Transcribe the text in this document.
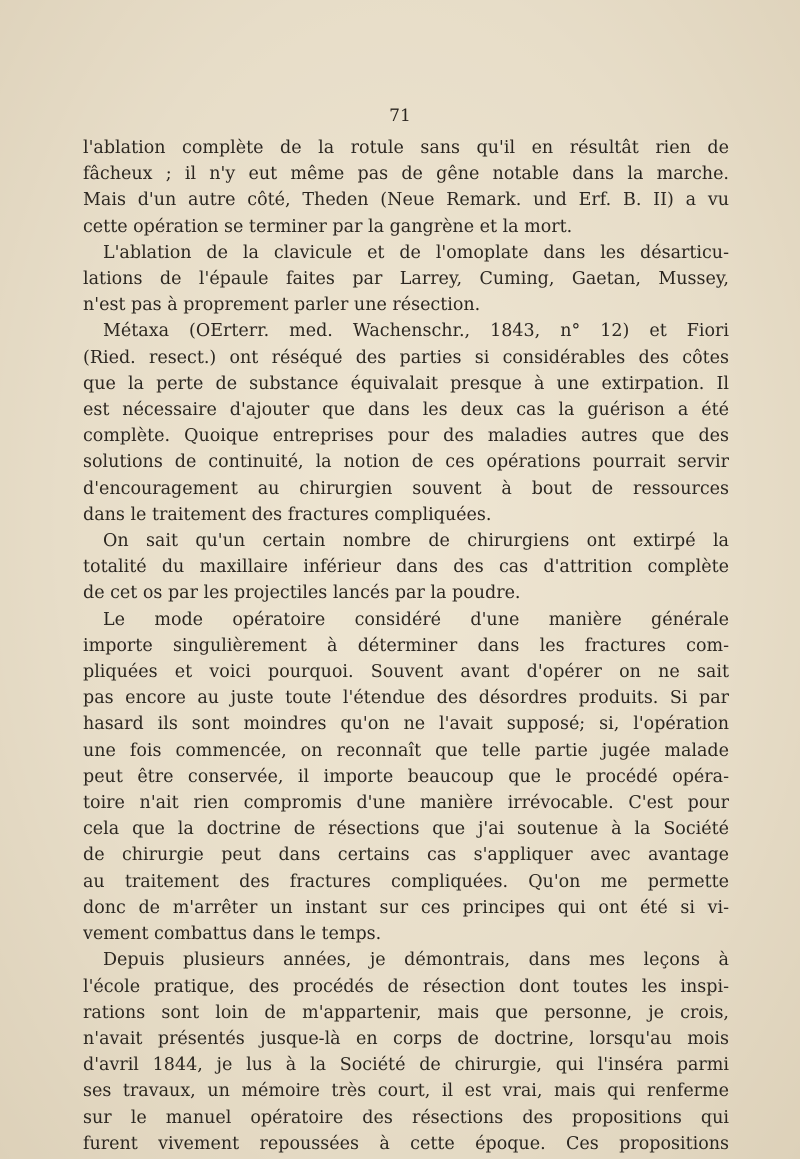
71
l'ablation complète de la rotule sans qu'il en résultât rien de
fâcheux ; il n'y eut même pas de gêne notable dans la marche.
Mais d'un autre côté, Theden (Neue Remark. und Erf. B. II) a vu
cette opération se terminer par la gangrène et la mort.
L'ablation de la clavicule et de l'omoplate dans les désarticu-
lations de l'épaule faites par Larrey, Cuming, Gaetan, Mussey,
n'est pas à proprement parler une résection.
Métaxa (OErterr. med. Wachenschr., 1843, n° 12) et Fiori
(Ried. resect.) ont réséqué des parties si considérables des côtes
que la perte de substance équivalait presque à une extirpation. Il
est nécessaire d'ajouter que dans les deux cas la guérison a été
complète. Quoique entreprises pour des maladies autres que des
solutions de continuité, la notion de ces opérations pourrait servir
d'encouragement au chirurgien souvent à bout de ressources
dans le traitement des fractures compliquées.
On sait qu'un certain nombre de chirurgiens ont extirpé la
totalité du maxillaire inférieur dans des cas d'attrition complète
de cet os par les projectiles lancés par la poudre.
Le mode opératoire considéré d'une manière générale
importe singulièrement à déterminer dans les fractures com-
pliquées et voici pourquoi. Souvent avant d'opérer on ne sait
pas encore au juste toute l'étendue des désordres produits. Si par
hasard ils sont moindres qu'on ne l'avait supposé; si, l'opération
une fois commencée, on reconnaît que telle partie jugée malade
peut être conservée, il importe beaucoup que le procédé opéra-
toire n'ait rien compromis d'une manière irrévocable. C'est pour
cela que la doctrine de résections que j'ai soutenue à la Société
de chirurgie peut dans certains cas s'appliquer avec avantage
au traitement des fractures compliquées. Qu'on me permette
donc de m'arrêter un instant sur ces principes qui ont été si vi-
vement combattus dans le temps.
Depuis plusieurs années, je démontrais, dans mes leçons à
l'école pratique, des procédés de résection dont toutes les inspi-
rations sont loin de m'appartenir, mais que personne, je crois,
n'avait présentés jusque-là en corps de doctrine, lorsqu'au mois
d'avril 1844, je lus à la Société de chirurgie, qui l'inséra parmi
ses travaux, un mémoire très court, il est vrai, mais qui renferme
sur le manuel opératoire des résections des propositions qui
furent vivement repoussées à cette époque. Ces propositions
